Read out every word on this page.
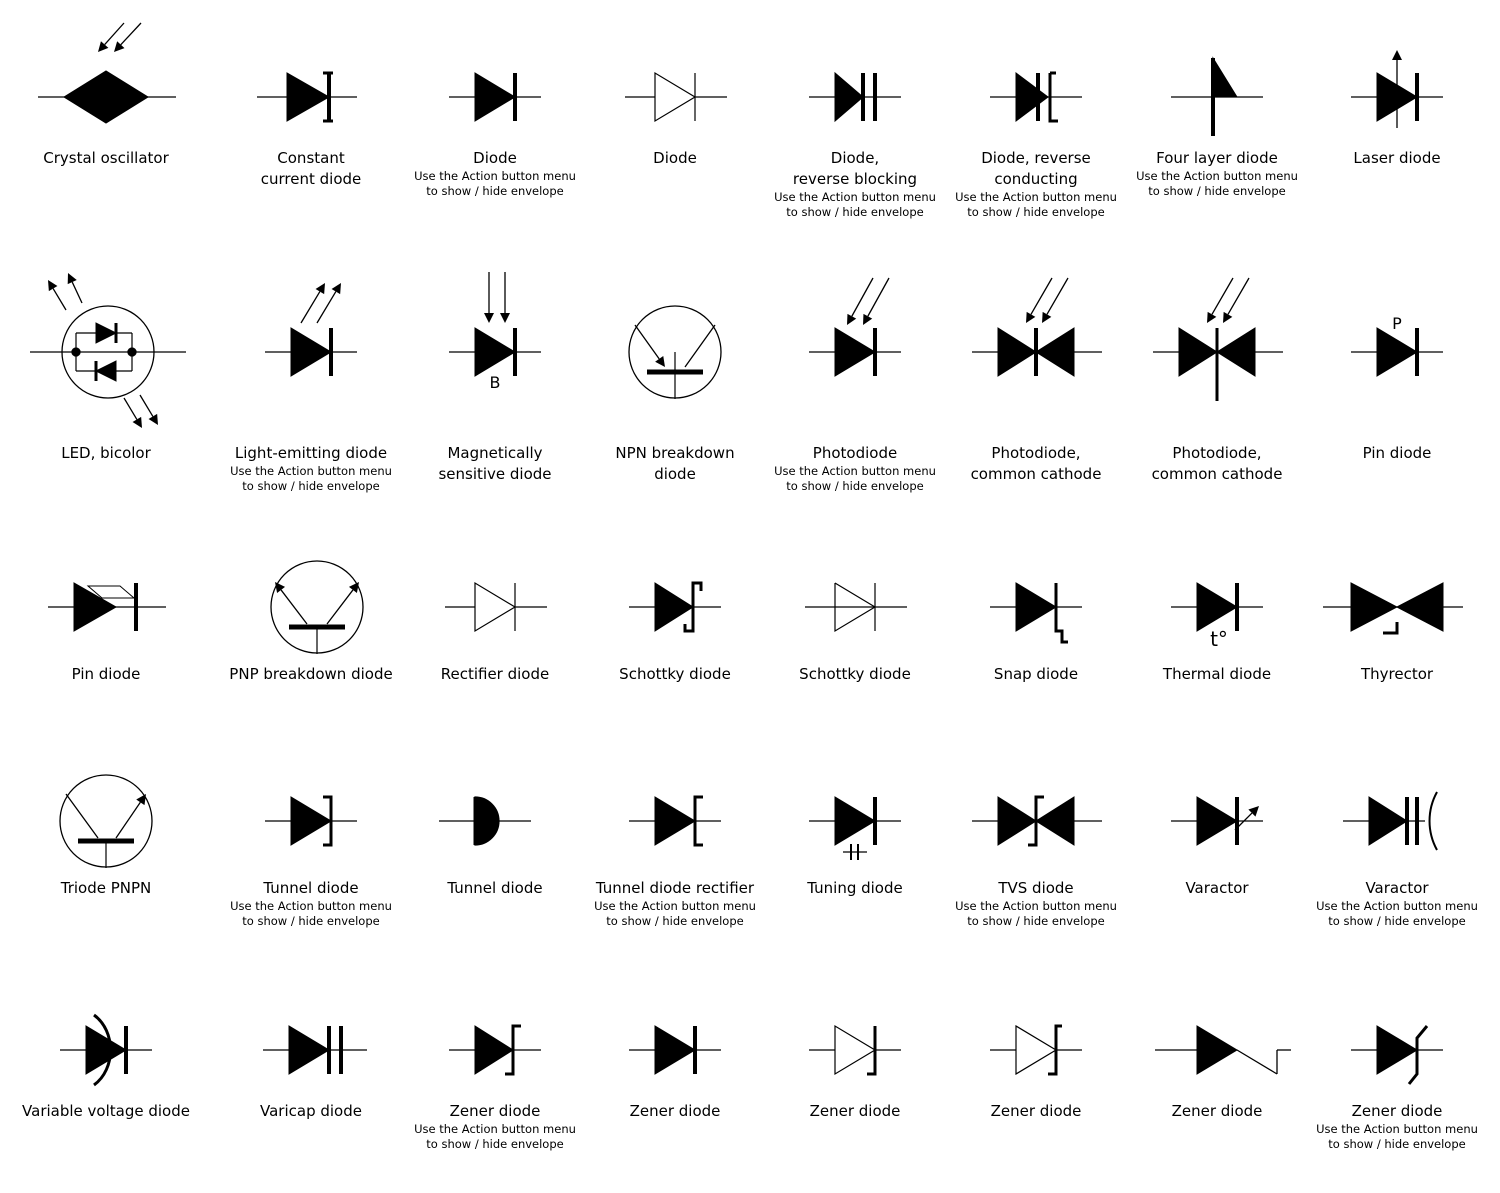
Crystal oscillator	Constant
current diode
Diode
Use the Action button menu
to show / hide envelope
Diode	Diode,
reverse blocking
Use the Action button menu
to show / hide envelope
Diode, reverse
conducting
Use the Action button menu
to show / hide envelope
Four layer diode
Use the Action button menu
to show / hide envelope
Laser diode
LED, bicolor	Light-emitting diode
Use the Action button menu
to show / hide envelope
B
Magnetically
sensitive diode
NPN breakdown
diode
Photodiode
Use the Action button menu
to show / hide envelope
Photodiode,
common cathode
Photodiode,
common cathode
P
Pin diode
Pin diode	PNP breakdown diode	Rectifier diode	Schottky diode	Schottky diode	Snap diode
t°
Thermal diode	Thyrector
Triode PNPN	Tunnel diode
Use the Action button menu
to show / hide envelope
Tunnel diode	Tunnel diode rectifier
Use the Action button menu
to show / hide envelope
Tuning diode	TVS diode
Use the Action button menu
to show / hide envelope
Varactor	Varactor
Use the Action button menu
to show / hide envelope
Variable voltage diode	Varicap diode	Zener diode
Use the Action button menu
to show / hide envelope
Zener diode	Zener diode	Zener diode	Zener diode	Zener diode
Use the Action button menu
to show / hide envelope
